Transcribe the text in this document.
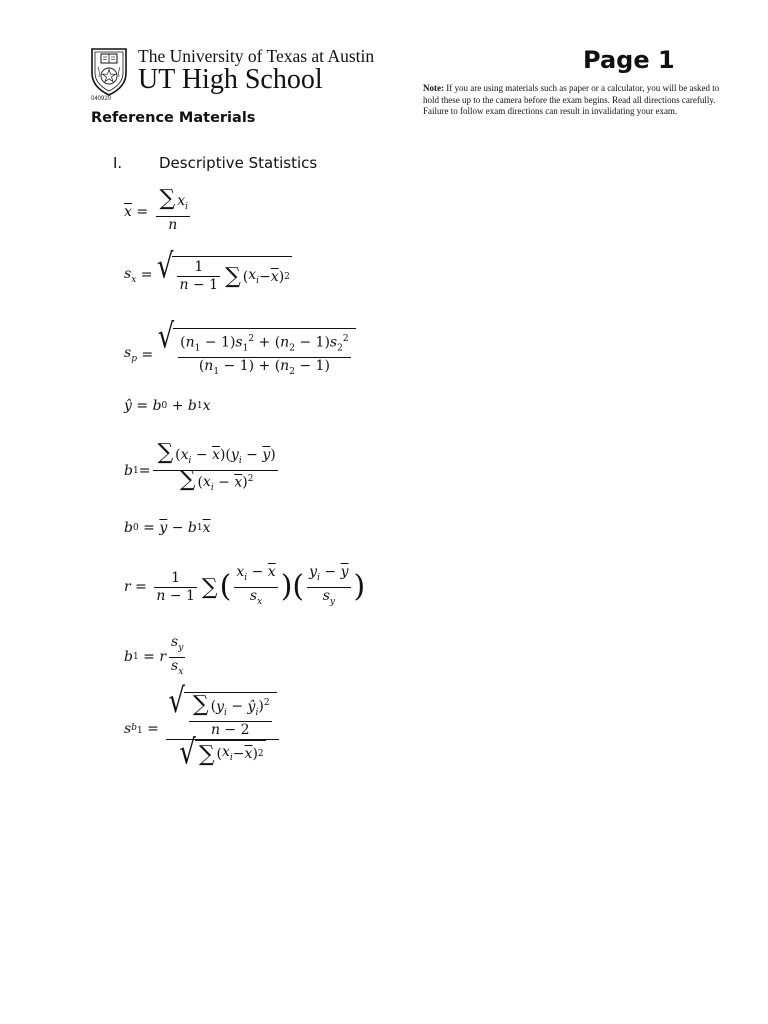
040920
The University of Texas at Austin
UT High School
Reference Materials
Page 1
Note: If you are using materials such as paper or a calculator, you will be asked to hold these up to the camera before the exam begins. Read all directions carefully. Failure to follow exam directions can result in invalidating your exam.
I. Descriptive Statistics
$\overline{x} = \frac{\sum x_i}{n}$
$s_x$ = √ $\frac{1}{n - 1}$ ∑ ( $x_i - \overline{x}$ ) 2
$s_p$ = √ $\frac{(n_1 - 1)s_1^2 + (n_2 - 1)s_2^2}{(n_1 - 1) + (n_2 - 1)}$
ŷ = b 0 + b 1 x
b $1 = \frac{\sum (x_i - \overline{x})(y_i - \overline{y})}{\sum (x_i - \overline{x})^2}$
b $0 = \overline{y} - b$ 1 $\overline{x}$
$r = \frac{1}{n - 1}$ ∑ ( $\frac{x_i - \overline{x}}{s_x}$ ) ( $\frac{y_i - \overline{y}}{s_y}$ )
b 1 = r $\frac{s_y}{s_x}$
s $b_1 = \frac{√ \frac{\sum (y_i - ŷ_i)^2}{n - 2}}{√ \sum ( x_i - \overline{x} ) 2}$
